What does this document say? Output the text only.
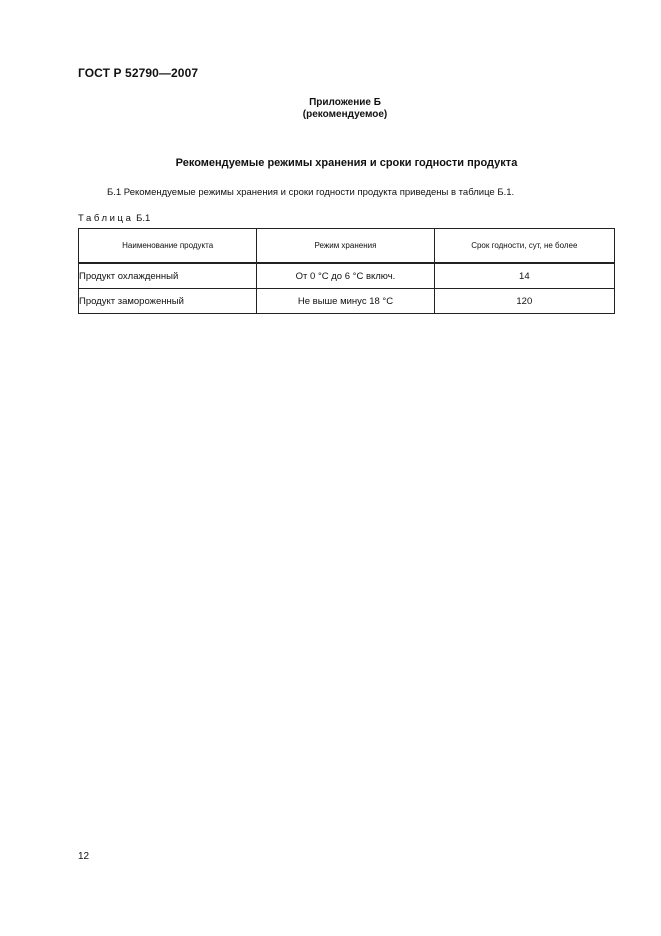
ГОСТ Р 52790—2007
Приложение Б
(рекомендуемое)
Рекомендуемые режимы хранения и сроки годности продукта
Б.1 Рекомендуемые режимы хранения и сроки годности продукта приведены в таблице Б.1.
Таблица Б.1
Наименование продукта	Режим хранения	Срок годности, сут, не более
Продукт охлажденный	От 0 °С до 6 °С включ.	14
Продукт замороженный	Не выше минус 18 °С	120
12
